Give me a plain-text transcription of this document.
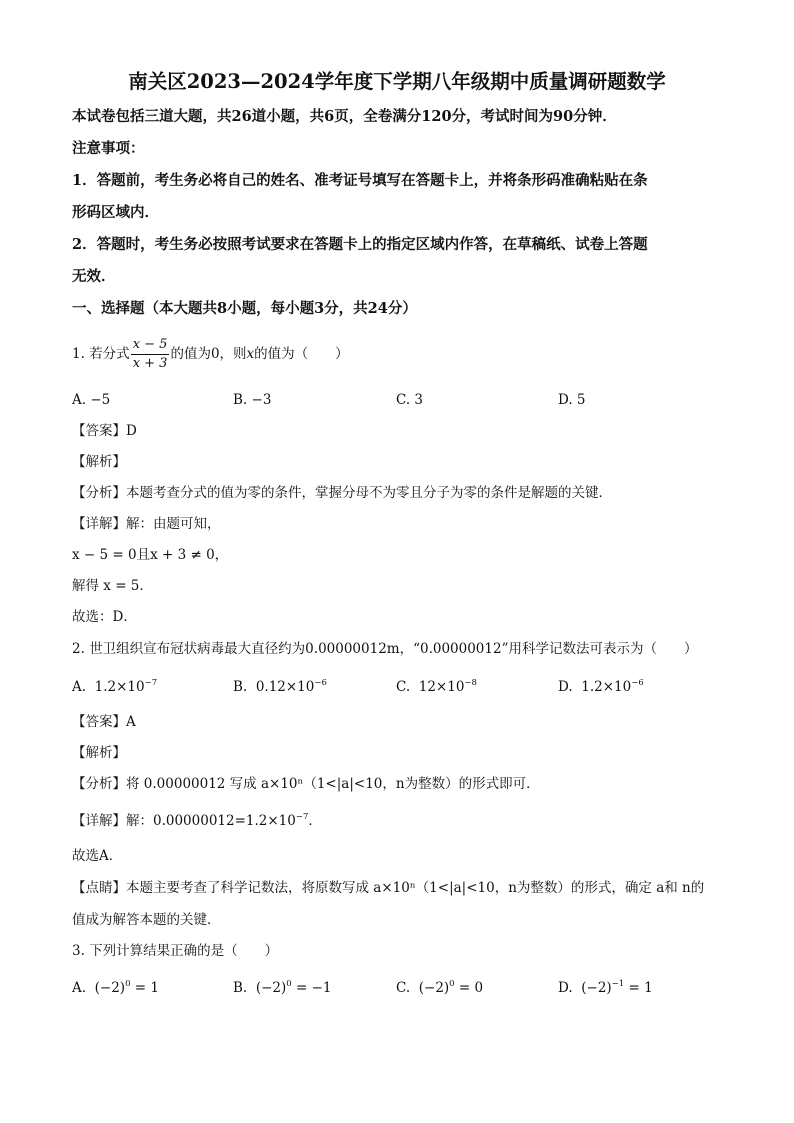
南关区2023—2024学年度下学期八年级期中质量调研题数学
本试卷包括三道大题，共26道小题，共6页，全卷满分120分，考试时间为90分钟．
注意事项：
1．答题前，考生务必将自己的姓名、准考证号填写在答题卡上，并将条形码准确粘贴在条
形码区域内．
2．答题时，考生务必按照考试要求在答题卡上的指定区域内作答，在草稿纸、试卷上答题
无效．
一、选择题（本大题共8小题，每小题3分，共24分）
1. 若分式 $\frac{x - 5}{x + 3}$ 的值为0，则x的值为（　　）
A. −5	B. −3	C. 3	D. 5
【答案】D
【解析】
【分析】本题考查分式的值为零的条件，掌握分母不为零且分子为零的条件是解题的关键．
【详解】解：由题可知，
x − 5 = 0且x + 3 ≠ 0，
解得 x = 5．
故选：D．
2. 世卫组织宣布冠状病毒最大直径约为0.00000012m，“0.00000012”用科学记数法可表示为（　　）
A. $1.2\times 10^{-7}$	B. $0.12\times 10^{-6}$	C. $12\times 10^{-8}$	D. $1.2\times 10^{-6}$
【答案】A
【解析】
【分析】将 0.00000012 写成 a×10ⁿ（1<|a|<10，n为整数）的形式即可．
【详解】解：$0.00000012=1.2\times 10^{-7}$．
故选A．
【点睛】本题主要考查了科学记数法，将原数写成 a×10ⁿ（1<|a|<10，n为整数）的形式，确定 a和 n的
值成为解答本题的关键．
3. 下列计算结果正确的是（　　）
A. $(-2)^0 = 1$	B. $(-2)^0 = -1$	C. $(-2)^0 = 0$	D. $(-2)^{-1} = 1$
